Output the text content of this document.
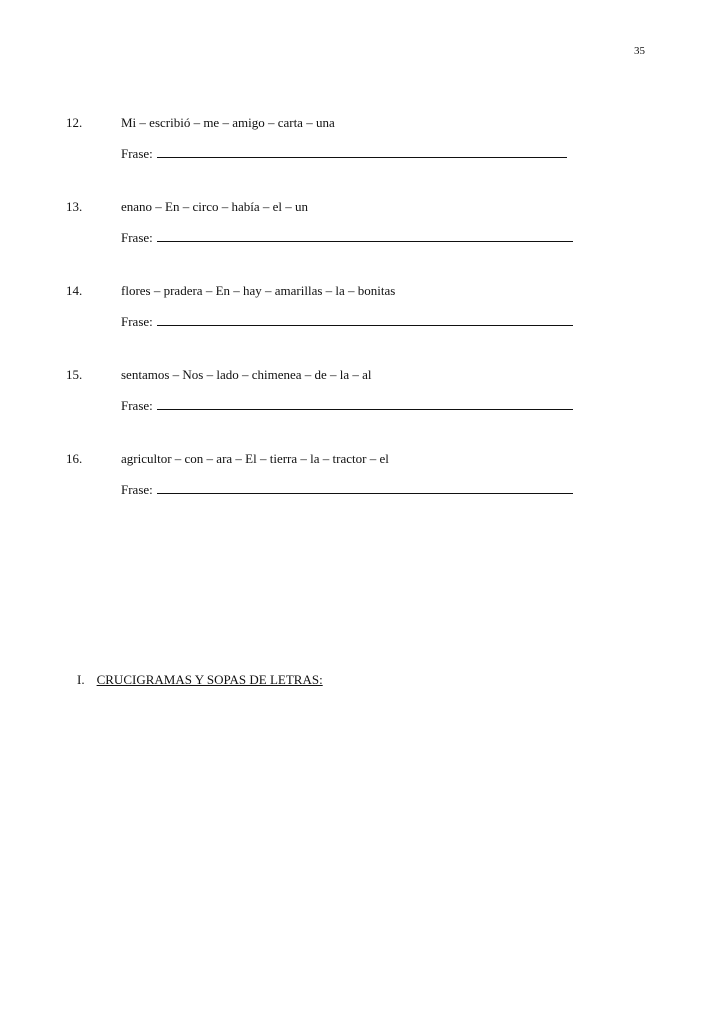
35
12.	Mi – escribió – me – amigo – carta – una
Frase:
13.	enano – En – circo – había – el – un
Frase:
14.	flores – pradera – En – hay – amarillas – la – bonitas
Frase:
15.	sentamos – Nos – lado – chimenea – de – la – al
Frase:
16.	agricultor – con – ara – El – tierra – la – tractor – el
Frase:
I. CRUCIGRAMAS Y SOPAS DE LETRAS:
